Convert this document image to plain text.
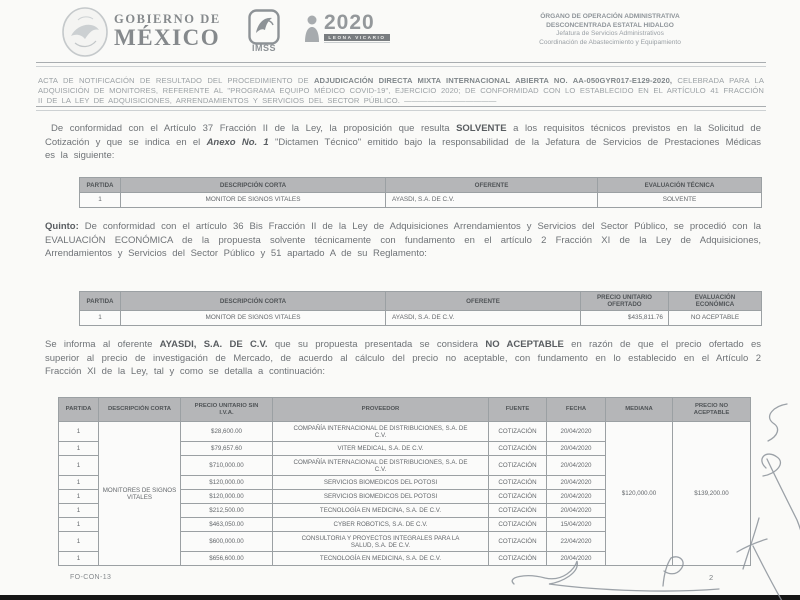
GOBIERNO DE
MÉXICO	IMSS
2020
LEONA VICARIO
ÓRGANO DE OPERACIÓN ADMINISTRATIVA
DESCONCENTRADA ESTATAL HIDALGO
Jefatura de Servicios Administrativos
Coordinación de Abastecimiento y Equipamiento

ACTA DE NOTIFICACIÓN DE RESULTADO DEL PROCEDIMIENTO DE ADJUDICACIÓN DIRECTA MIXTA INTERNACIONAL ABIERTA NO. AA-050GYR017-E129-2020, CELEBRADA PARA LA ADQUISICIÓN DE MONITORES, REFERENTE AL "PROGRAMA EQUIPO MÉDICO COVID-19", EJERCICIO 2020; DE CONFORMIDAD CON LO ESTABLECIDO EN EL ARTÍCULO 41 FRACCIÓN II DE LA LEY DE ADQUISICIONES, ARRENDAMIENTOS Y SERVICIOS DEL SECTOR PÚBLICO. ————————————

De conformidad con el Artículo 37 Fracción II de la Ley, la proposición que resulta SOLVENTE a los requisitos técnicos previstos en la Solicitud de Cotización y que se indica en el Anexo No. 1 "Dictamen Técnico" emitido bajo la responsabilidad de la Jefatura de Servicios de Prestaciones Médicas es la siguiente:

PARTIDA	DESCRIPCIÓN CORTA	OFERENTE	EVALUACIÓN TÉCNICA
1	MONITOR DE SIGNOS VITALES	AYASDI, S.A. DE C.V.	SOLVENTE

Quinto: De conformidad con el artículo 36 Bis Fracción II de la Ley de Adquisiciones Arrendamientos y Servicios del Sector Público, se procedió con la EVALUACIÓN ECONÓMICA de la propuesta solvente técnicamente con fundamento en el artículo 2 Fracción XI de la Ley de Adquisiciones, Arrendamientos y Servicios del Sector Público y 51 apartado A de su Reglamento:

PARTIDA	DESCRIPCIÓN CORTA	OFERENTE	PRECIO UNITARIO OFERTADO	EVALUACIÓN ECONÓMICA
1	MONITOR DE SIGNOS VITALES	AYASDI, S.A. DE C.V.	$435,811.76	NO ACEPTABLE

Se informa al oferente AYASDI, S.A. DE C.V. que su propuesta presentada se considera NO ACEPTABLE en razón de que el precio ofertado es superior al precio de investigación de Mercado, de acuerdo al cálculo del precio no aceptable, con fundamento en lo establecido en el Artículo 2 Fracción XI de la Ley, tal y como se detalla a continuación:

PARTIDA	DESCRIPCIÓN CORTA	PRECIO UNITARIO SIN I.V.A.	PROVEEDOR	FUENTE	FECHA	MEDIANA	PRECIO NO ACEPTABLE
1	MONITORES DE SIGNOS VITALES	$28,600.00	COMPAÑÍA INTERNACIONAL DE DISTRIBUCIONES, S.A. DE C.V.	COTIZACIÓN	20/04/2020	$120,000.00	$139,200.00
1		$79,657.60	VITER MEDICAL, S.A. DE C.V.	COTIZACIÓN	20/04/2020		
1		$710,000.00	COMPAÑÍA INTERNACIONAL DE DISTRIBUCIONES, S.A. DE C.V.	COTIZACIÓN	20/04/2020		
1		$120,000.00	SERVICIOS BIOMEDICOS DEL POTOSI	COTIZACIÓN	20/04/2020		
1		$120,000.00	SERVICIOS BIOMEDICOS DEL POTOSI	COTIZACIÓN	20/04/2020		
1		$212,500.00	TECNOLOGÍA EN MEDICINA, S.A. DE C.V.	COTIZACIÓN	20/04/2020		
1		$463,050.00	CYBER ROBOTICS, S.A. DE C.V.	COTIZACIÓN	15/04/2020		
1		$600,000.00	CONSULTORIA Y PROYECTOS INTEGRALES PARA LA SALUD, S.A. DE C.V.	COTIZACIÓN	22/04/2020		
1		$656,600.00	TECNOLOGÍA EN MEDICINA, S.A. DE C.V.	COTIZACIÓN	20/04/2020		
FO-CON-13	2
